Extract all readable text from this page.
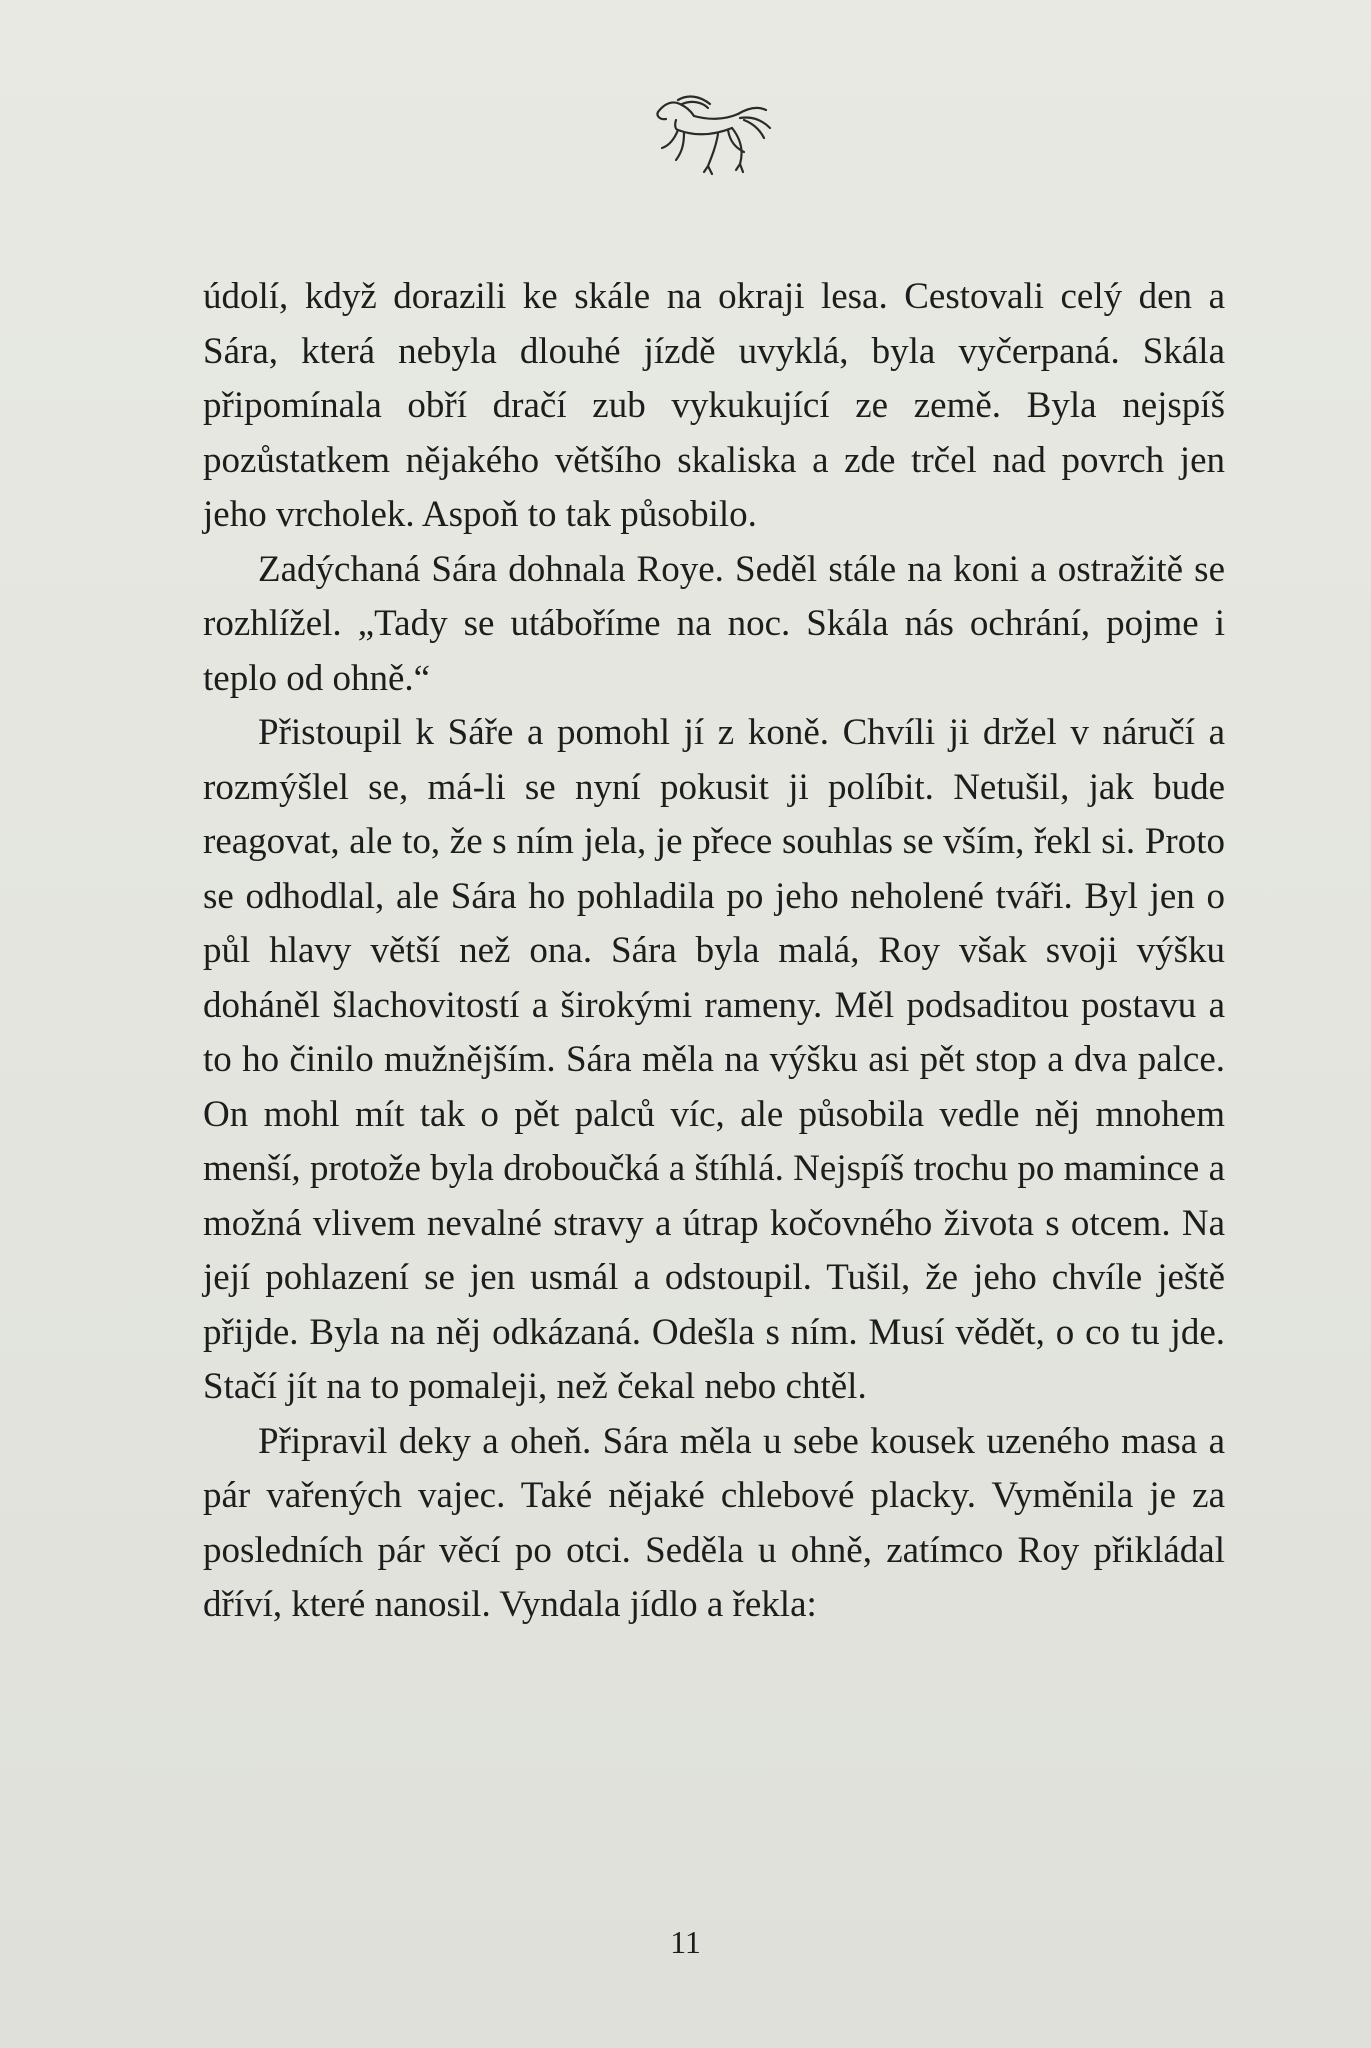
údolí, když dorazili ke skále na okraji lesa. Cestovali celý den a Sára, která nebyla dlouhé jízdě uvyklá, byla vyčerpaná. Skála připomínala obří dračí zub vykukující ze země. Byla nejspíš pozůstatkem nějakého většího skaliska a zde trčel nad povrch jen jeho vrcholek. Aspoň to tak působilo.

Zadýchaná Sára dohnala Roye. Seděl stále na koni a ostražitě se rozhlížel. „Tady se utáboříme na noc. Skála nás ochrání, pojme i teplo od ohně.“

Přistoupil k Sáře a pomohl jí z koně. Chvíli ji držel v náručí a rozmýšlel se, má-li se nyní pokusit ji políbit. Netušil, jak bude reagovat, ale to, že s ním jela, je přece souhlas se vším, řekl si. Proto se odhodlal, ale Sára ho pohladila po jeho neholené tváři. Byl jen o půl hlavy větší než ona. Sára byla malá, Roy však svoji výšku doháněl šlachovitostí a širokými rameny. Měl podsaditou postavu a to ho činilo mužnějším. Sára měla na výšku asi pět stop a dva palce. On mohl mít tak o pět palců víc, ale působila vedle něj mnohem menší, protože byla droboučká a štíhlá. Nejspíš trochu po mamince a možná vlivem nevalné stravy a útrap kočovného života s otcem. Na její pohlazení se jen usmál a odstoupil. Tušil, že jeho chvíle ještě přijde. Byla na něj odkázaná. Odešla s ním. Musí vědět, o co tu jde. Stačí jít na to pomaleji, než čekal nebo chtěl.

Připravil deky a oheň. Sára měla u sebe kousek uzeného masa a pár vařených vajec. Také nějaké chlebové placky. Vyměnila je za posledních pár věcí po otci. Seděla u ohně, zatímco Roy přikládal dříví, které nanosil. Vyndala jídlo a řekla:

11
